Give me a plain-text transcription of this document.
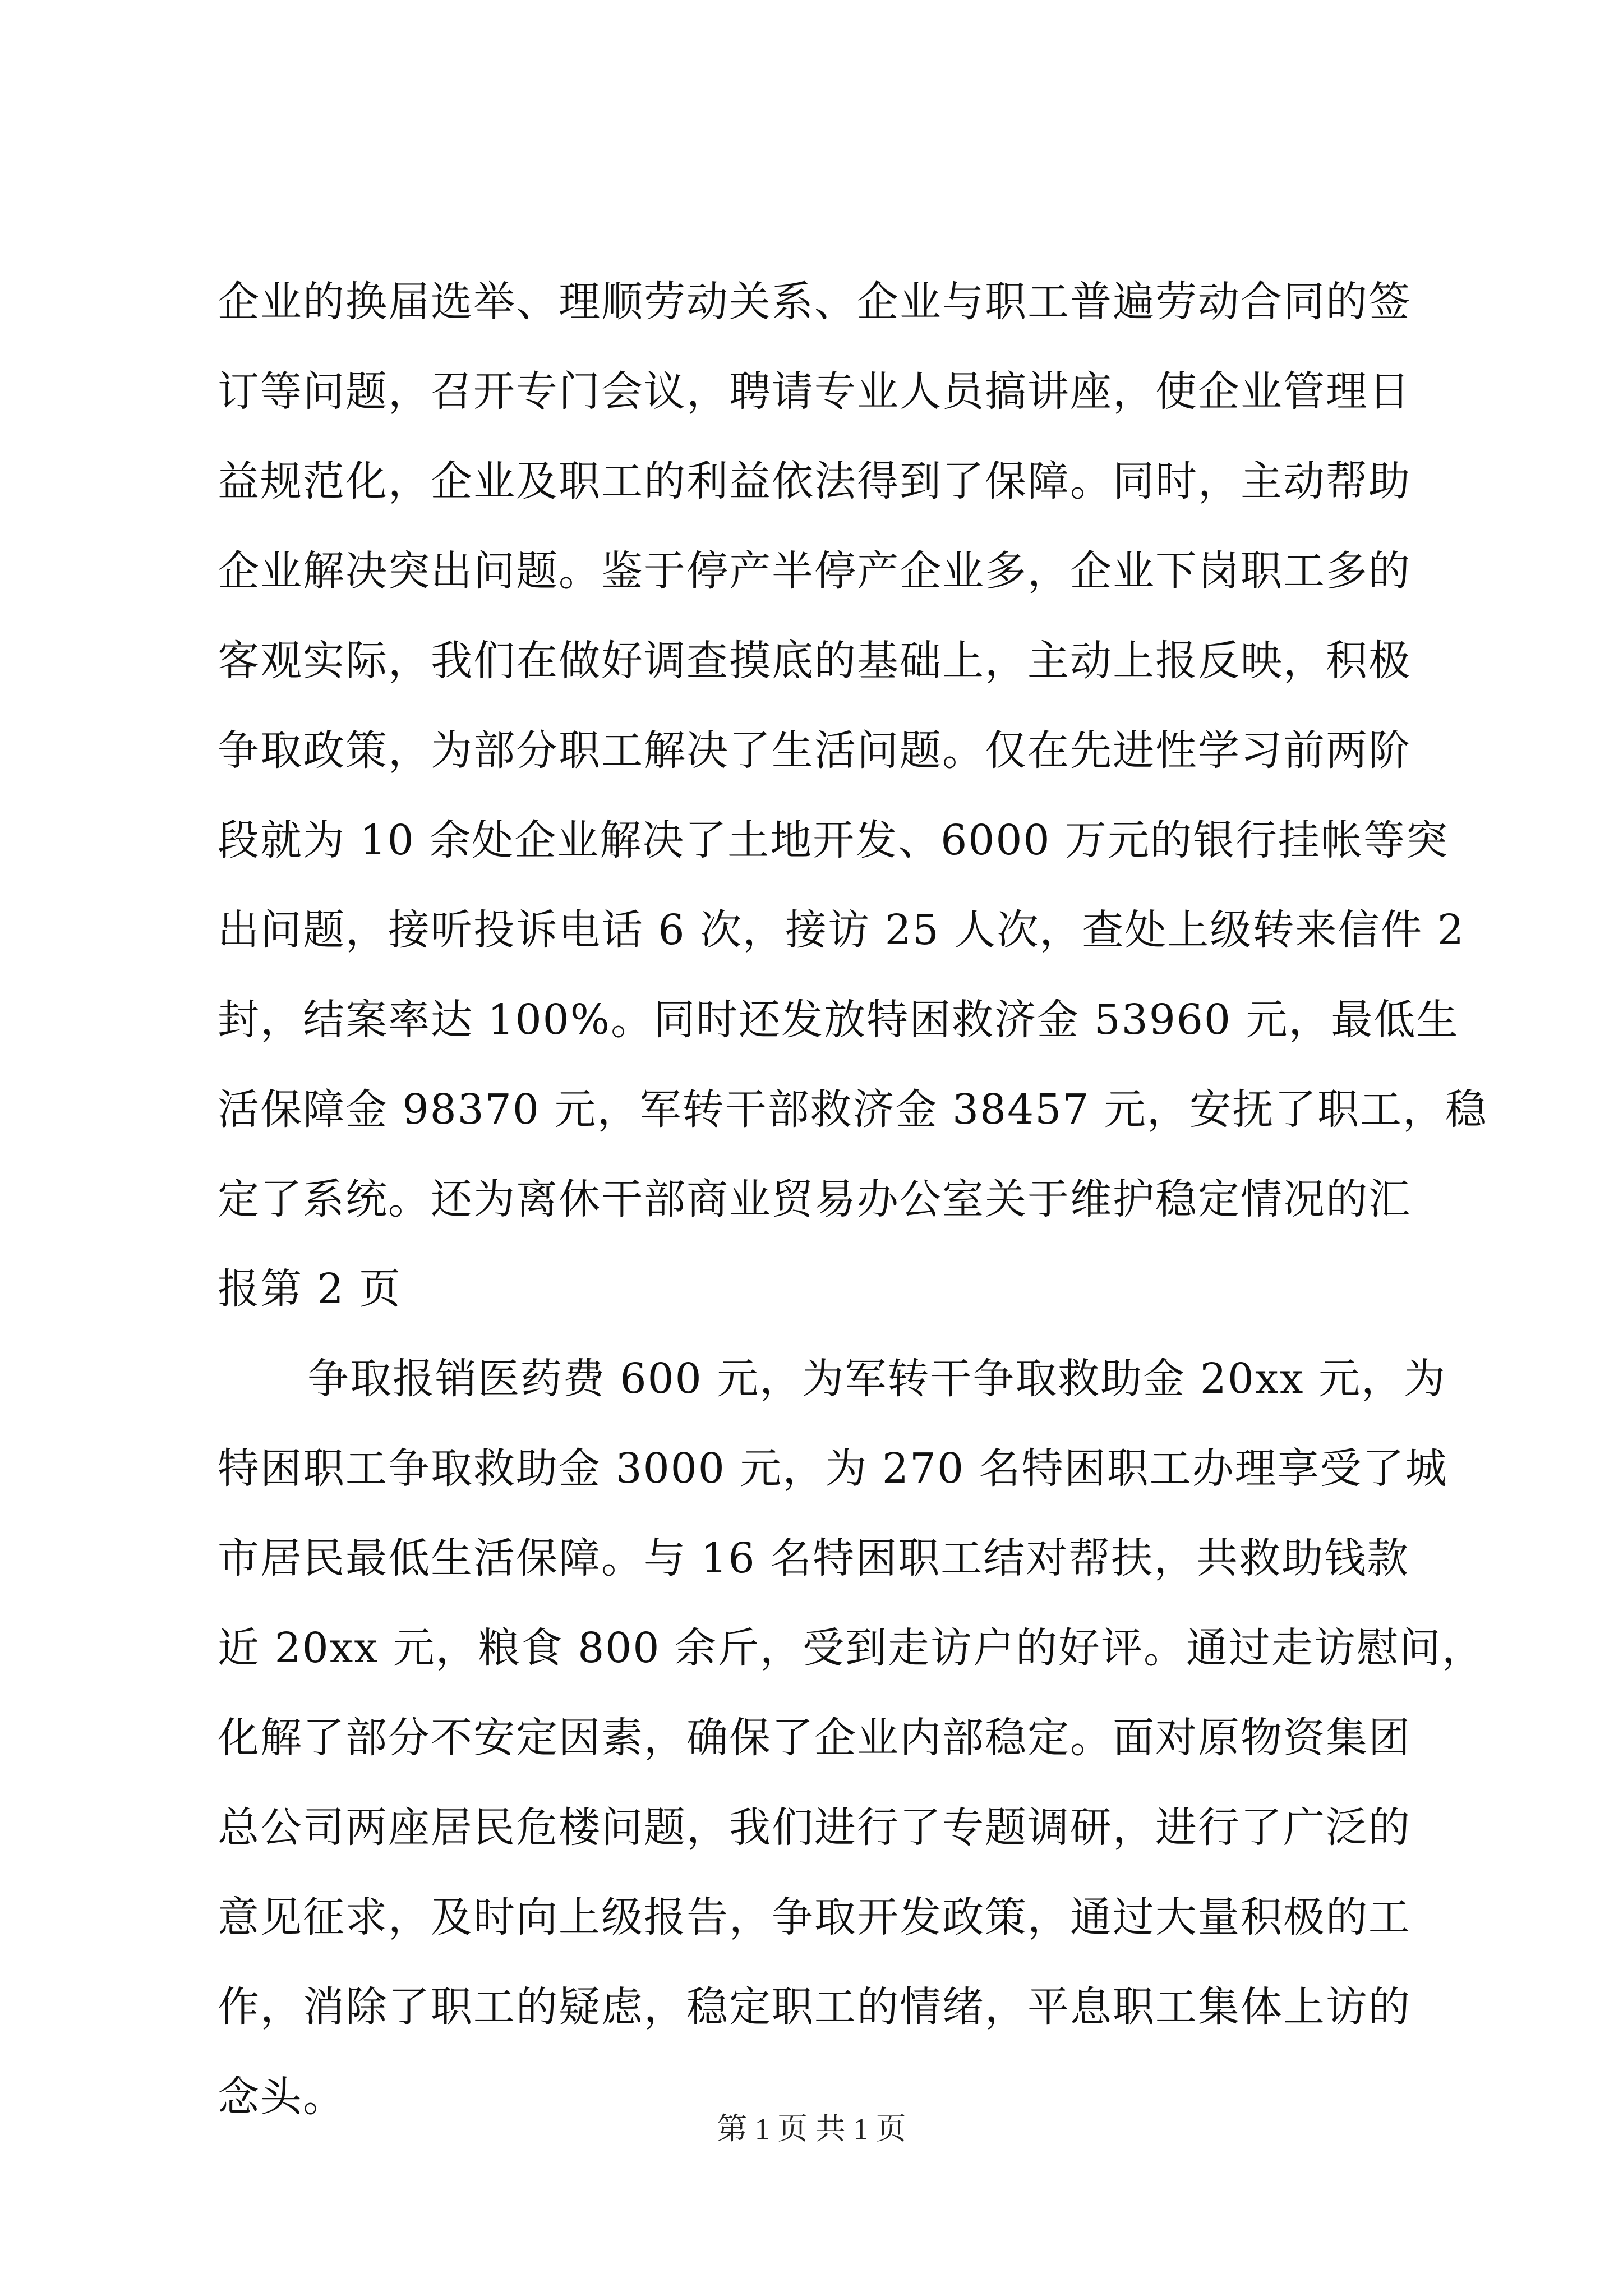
企业的换届选举、理顺劳动关系、企业与职工普遍劳动合同的签
订等问题，召开专门会议，聘请专业人员搞讲座，使企业管理日
益规范化，企业及职工的利益依法得到了保障。同时，主动帮助
企业解决突出问题。鉴于停产半停产企业多，企业下岗职工多的
客观实际，我们在做好调查摸底的基础上，主动上报反映，积极
争取政策，为部分职工解决了生活问题。仅在先进性学习前两阶
段就为 10 余处企业解决了土地开发、6000 万元的银行挂帐等突
出问题，接听投诉电话 6 次，接访 25 人次，查处上级转来信件 2
封，结案率达 100%。同时还发放特困救济金 53960 元，最低生
活保障金 98370 元，军转干部救济金 38457 元，安抚了职工，稳
定了系统。还为离休干部商业贸易办公室关于维护稳定情况的汇
报第 2 页
争取报销医药费 600 元，为军转干争取救助金 20xx 元，为
特困职工争取救助金 3000 元，为 270 名特困职工办理享受了城
市居民最低生活保障。与 16 名特困职工结对帮扶，共救助钱款
近 20xx 元，粮食 800 余斤，受到走访户的好评。通过走访慰问，
化解了部分不安定因素，确保了企业内部稳定。面对原物资集团
总公司两座居民危楼问题，我们进行了专题调研，进行了广泛的
意见征求，及时向上级报告，争取开发政策，通过大量积极的工
作，消除了职工的疑虑，稳定职工的情绪，平息职工集体上访的
念头。
第 1 页 共 1 页
